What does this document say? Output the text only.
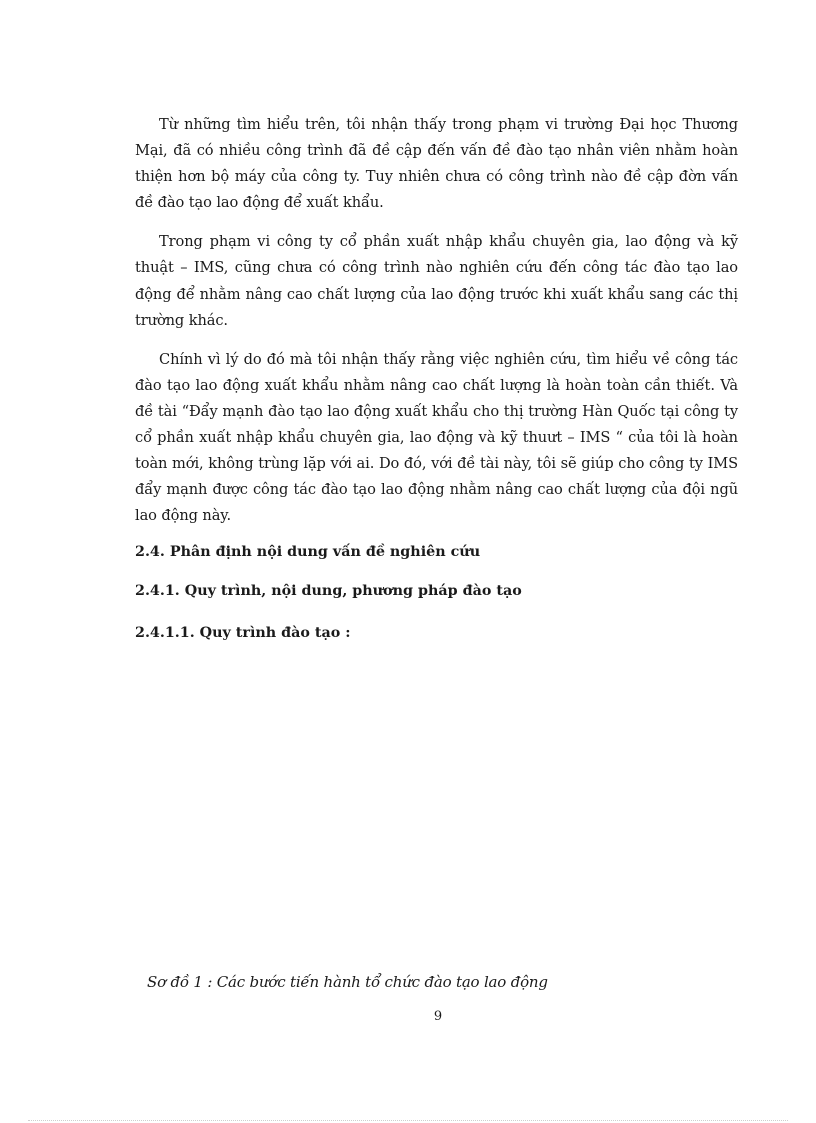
Từ những tìm hiểu trên, tôi nhận thấy trong phạm vi trường Đại học Thương Mại, đã có nhiều công trình đã đề cập đến vấn đề đào tạo nhân viên nhằm hoàn thiện hơn bộ máy của công ty. Tuy nhiên chưa có công trình nào đề cập đờn vấn đề đào tạo lao động để xuất khẩu.

Trong phạm vi công ty cổ phần xuất nhập khẩu chuyên gia, lao động và kỹ thuật – IMS, cũng chưa có công trình nào nghiên cứu đến công tác đào tạo lao động để nhằm nâng cao chất lượng của lao động trước khi xuất khẩu sang các thị trường khác.

Chính vì lý do đó mà tôi nhận thấy rằng việc nghiên cứu, tìm hiểu về công tác đào tạo lao động xuất khẩu nhằm nâng cao chất lượng là hoàn toàn cần thiết. Và đề tài “Đẩy mạnh đào tạo lao động xuất khẩu cho thị trường Hàn Quốc tại công ty cổ phần xuất nhập khẩu chuyên gia, lao động và kỹ thuưt – IMS “ của tôi là hoàn toàn mới, không trùng lặp với ai. Do đó, với đề tài này, tôi sẽ giúp cho công ty IMS đẩy mạnh được công tác đào tạo lao động nhằm nâng cao chất lượng của đội ngũ lao động này.

2.4. Phân định nội dung vấn đề nghiên cứu

2.4.1. Quy trình, nội dung, phương pháp đào tạo

2.4.1.1. Quy trình đào tạo :

Sơ đồ 1 : Các bước tiến hành tổ chức đào tạo lao động

9
